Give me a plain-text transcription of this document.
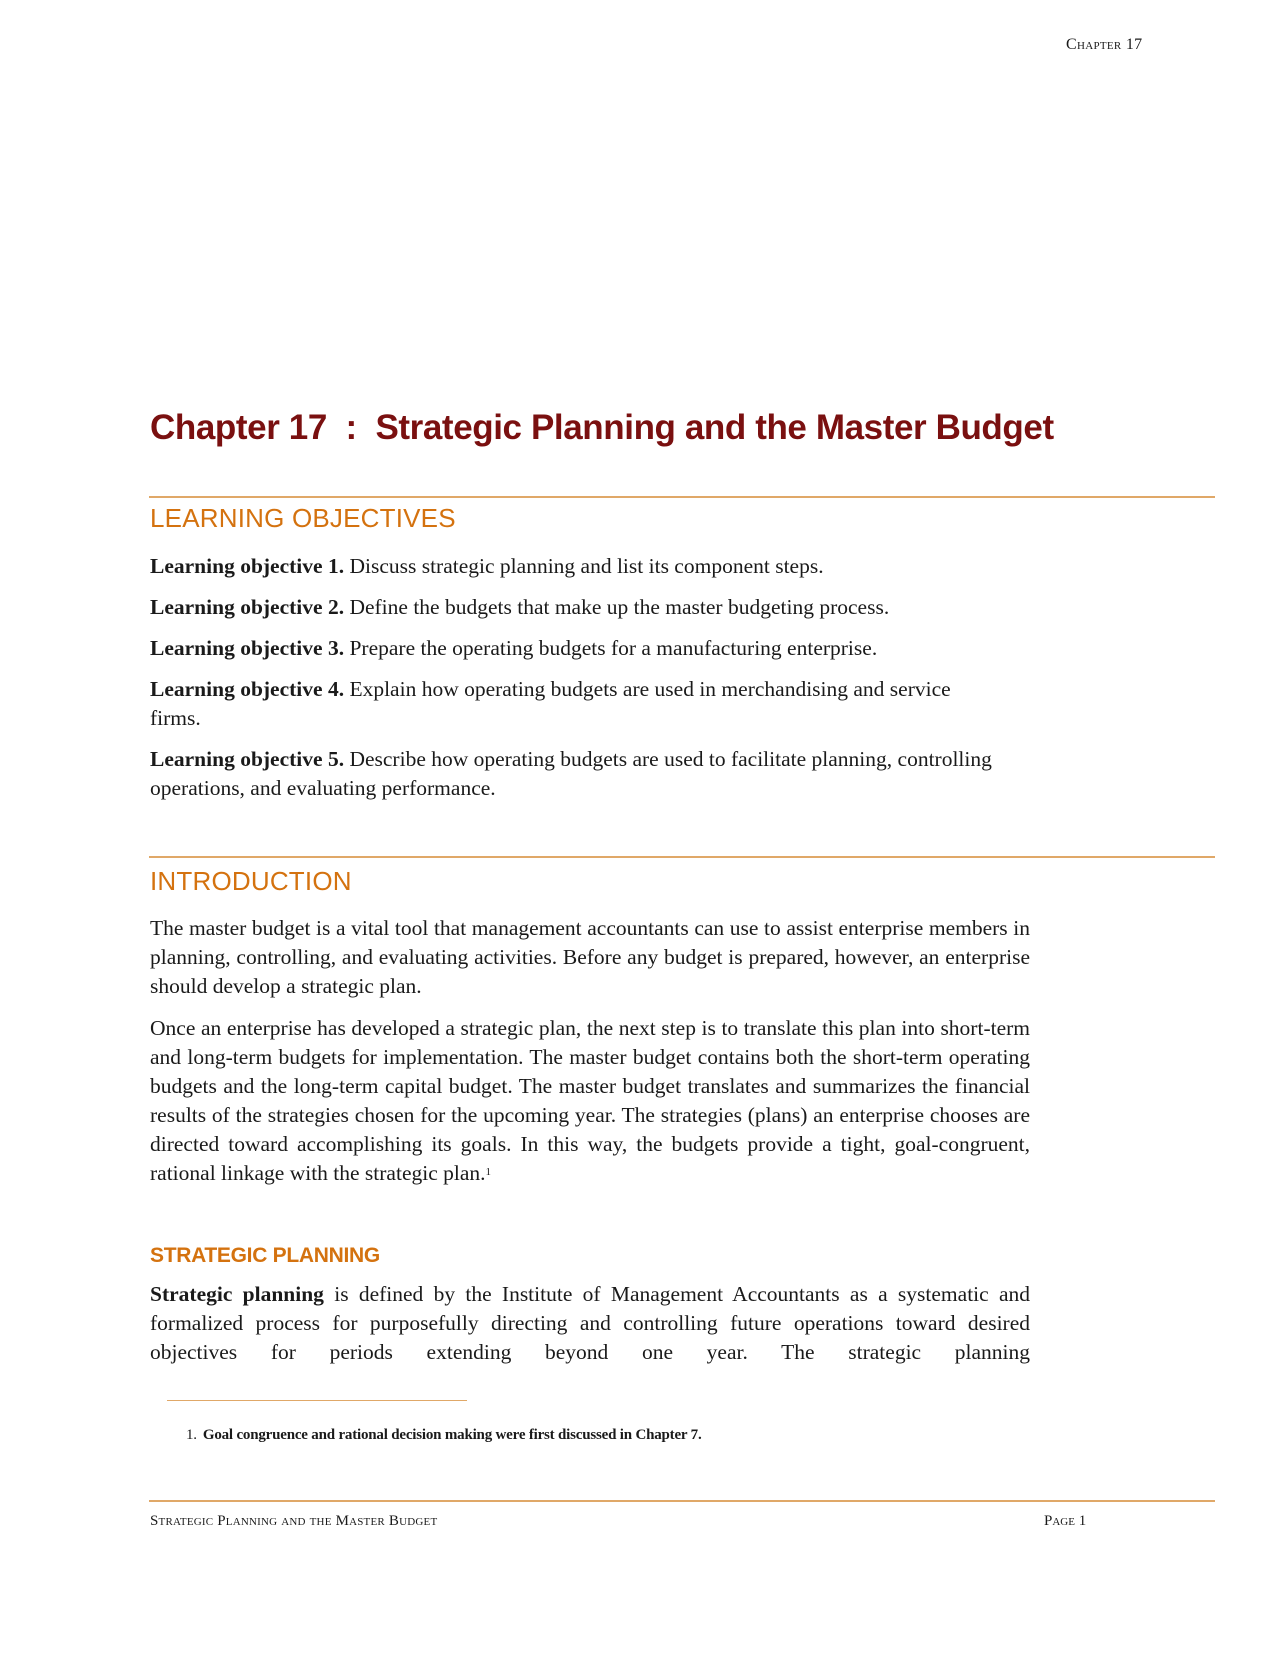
Chapter 17
Chapter 17  :  Strategic Planning and the Master Budget
LEARNING OBJECTIVES

Learning objective 1. Discuss strategic planning and list its component steps.

Learning objective 2. Define the budgets that make up the master budgeting process.

Learning objective 3. Prepare the operating budgets for a manufacturing enterprise.

Learning objective 4. Explain how operating budgets are used in merchandising and service firms.

Learning objective 5. Describe how operating budgets are used to facilitate planning, controlling operations, and evaluating performance.

INTRODUCTION

The master budget is a vital tool that management accountants can use to assist enterprise members in planning, controlling, and evaluating activities. Before any budget is prepared, however, an enterprise should develop a strategic plan.

Once an enterprise has developed a strategic plan, the next step is to translate this plan into short-term and long-term budgets for implementation. The master budget contains both the short-term operating budgets and the long-term capital budget. The master budget translates and summarizes the financial results of the strategies chosen for the upcoming year. The strategies (plans) an enterprise chooses are directed toward accomplishing its goals. In this way, the budgets provide a tight, goal-congruent, rational linkage with the strategic plan.$^1$

STRATEGIC PLANNING

Strategic planning is defined by the Institute of Management Accountants as a systematic and formalized process for purposefully directing and controlling future operations toward desired objectives for periods extending beyond one year. The strategic planning

1. Goal congruence and rational decision making were first discussed in Chapter 7.
Strategic Planning and the Master Budget	Page 1
